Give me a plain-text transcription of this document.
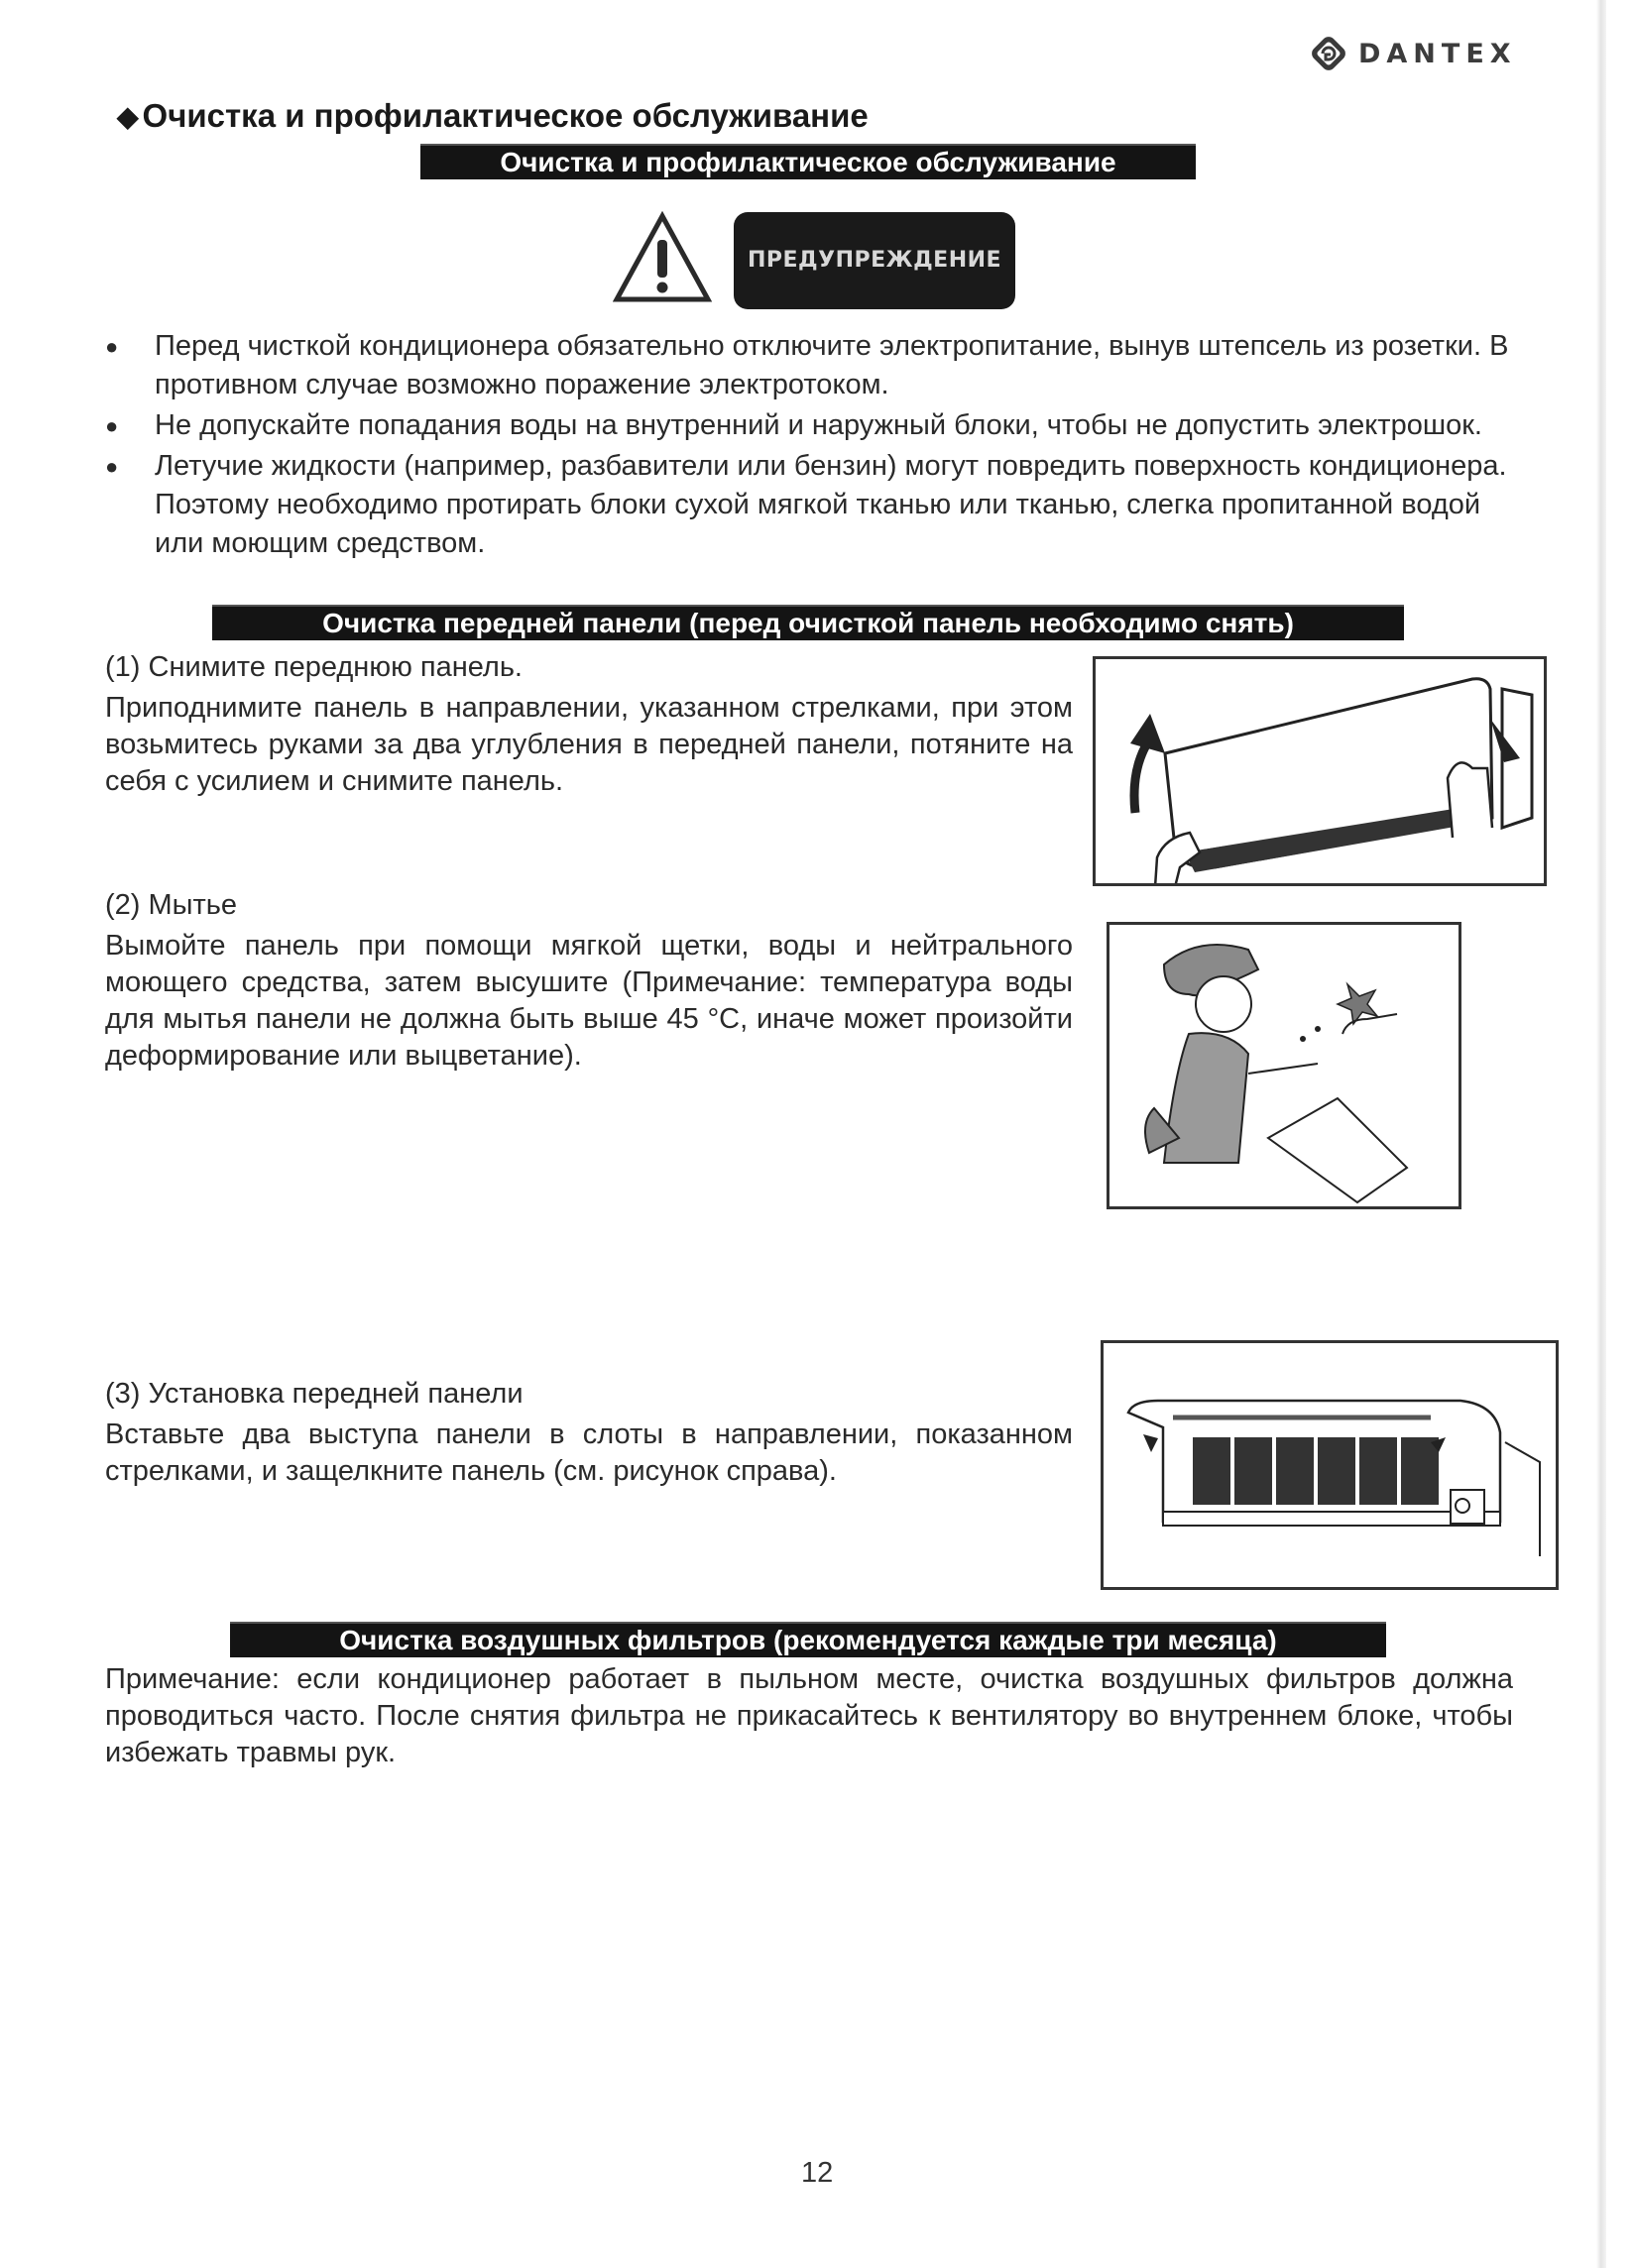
DANTEX
◆ Очистка и профилактическое обслуживание
Очистка и профилактическое обслуживание
ПРЕДУПРЕЖДЕНИЕ
●	Перед чисткой кондиционера обязательно отключите электропитание, вынув штепсель из розетки. В противном случае возможно поражение электротоком.
●	Не допускайте попадания воды на внутренний и наружный блоки, чтобы не допустить электрошок.
●	Летучие жидкости (например, разбавители или бензин) могут повредить поверхность кондиционера. Поэтому необходимо протирать блоки сухой мягкой тканью или тканью, слегка пропитанной водой или моющим средством.
Очистка передней панели (перед очисткой панель необходимо снять)
(1) Снимите переднюю панель.
Приподнимите панель в направлении, указанном стрелками, при этом возьмитесь руками за два углубления в передней панели, потяните на себя с усилием и снимите панель.
(2) Мытье
Вымойте панель при помощи мягкой щетки, воды и нейтрального моющего средства, затем высушите (Примечание: температура воды для мытья панели не должна быть выше 45 °C, иначе может произойти деформирование или выцветание).
(3) Установка передней панели
Вставьте два выступа панели в слоты в направлении, показанном стрелками, и защелкните панель (см. рисунок справа).
Очистка воздушных фильтров (рекомендуется каждые три месяца)
Примечание: если кондиционер работает в пыльном месте, очистка воздушных фильтров должна проводиться часто. После снятия фильтра не прикасайтесь к вентилятору во внутреннем блоке, чтобы избежать травмы рук.
12
